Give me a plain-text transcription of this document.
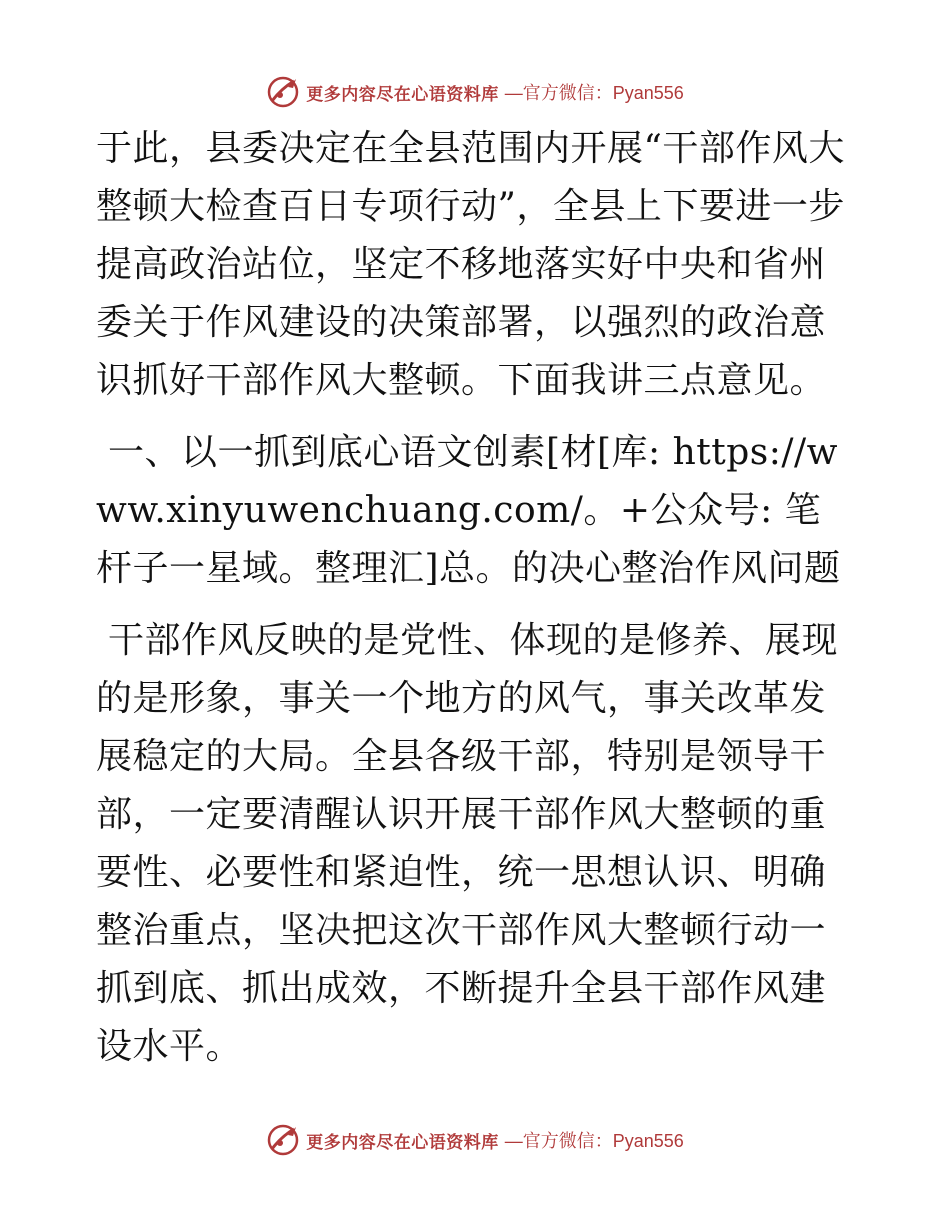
更多内容尽在心语资料库 —官方微信：Pyan556

于此，县委决定在全县范围内开展“干部作风大整顿大检查百日专项行动”，全县上下要进一步提高政治站位，坚定不移地落实好中央和省州委关于作风建设的决策部署，以强烈的政治意识抓好干部作风大整顿。下面我讲三点意见。

一、以一抓到底心语文创素[材[库: https://www.xinyuwenchuang.com/。+公众号: 笔杆子一星域。整理汇]总。的决心整治作风问题

干部作风反映的是党性、体现的是修养、展现的是形象，事关一个地方的风气，事关改革发展稳定的大局。全县各级干部，特别是领导干部，一定要清醒认识开展干部作风大整顿的重要性、必要性和紧迫性，统一思想认识、明确整治重点，坚决把这次干部作风大整顿行动一抓到底、抓出成效，不断提升全县干部作风建设水平。

更多内容尽在心语资料库 —官方微信：Pyan556
